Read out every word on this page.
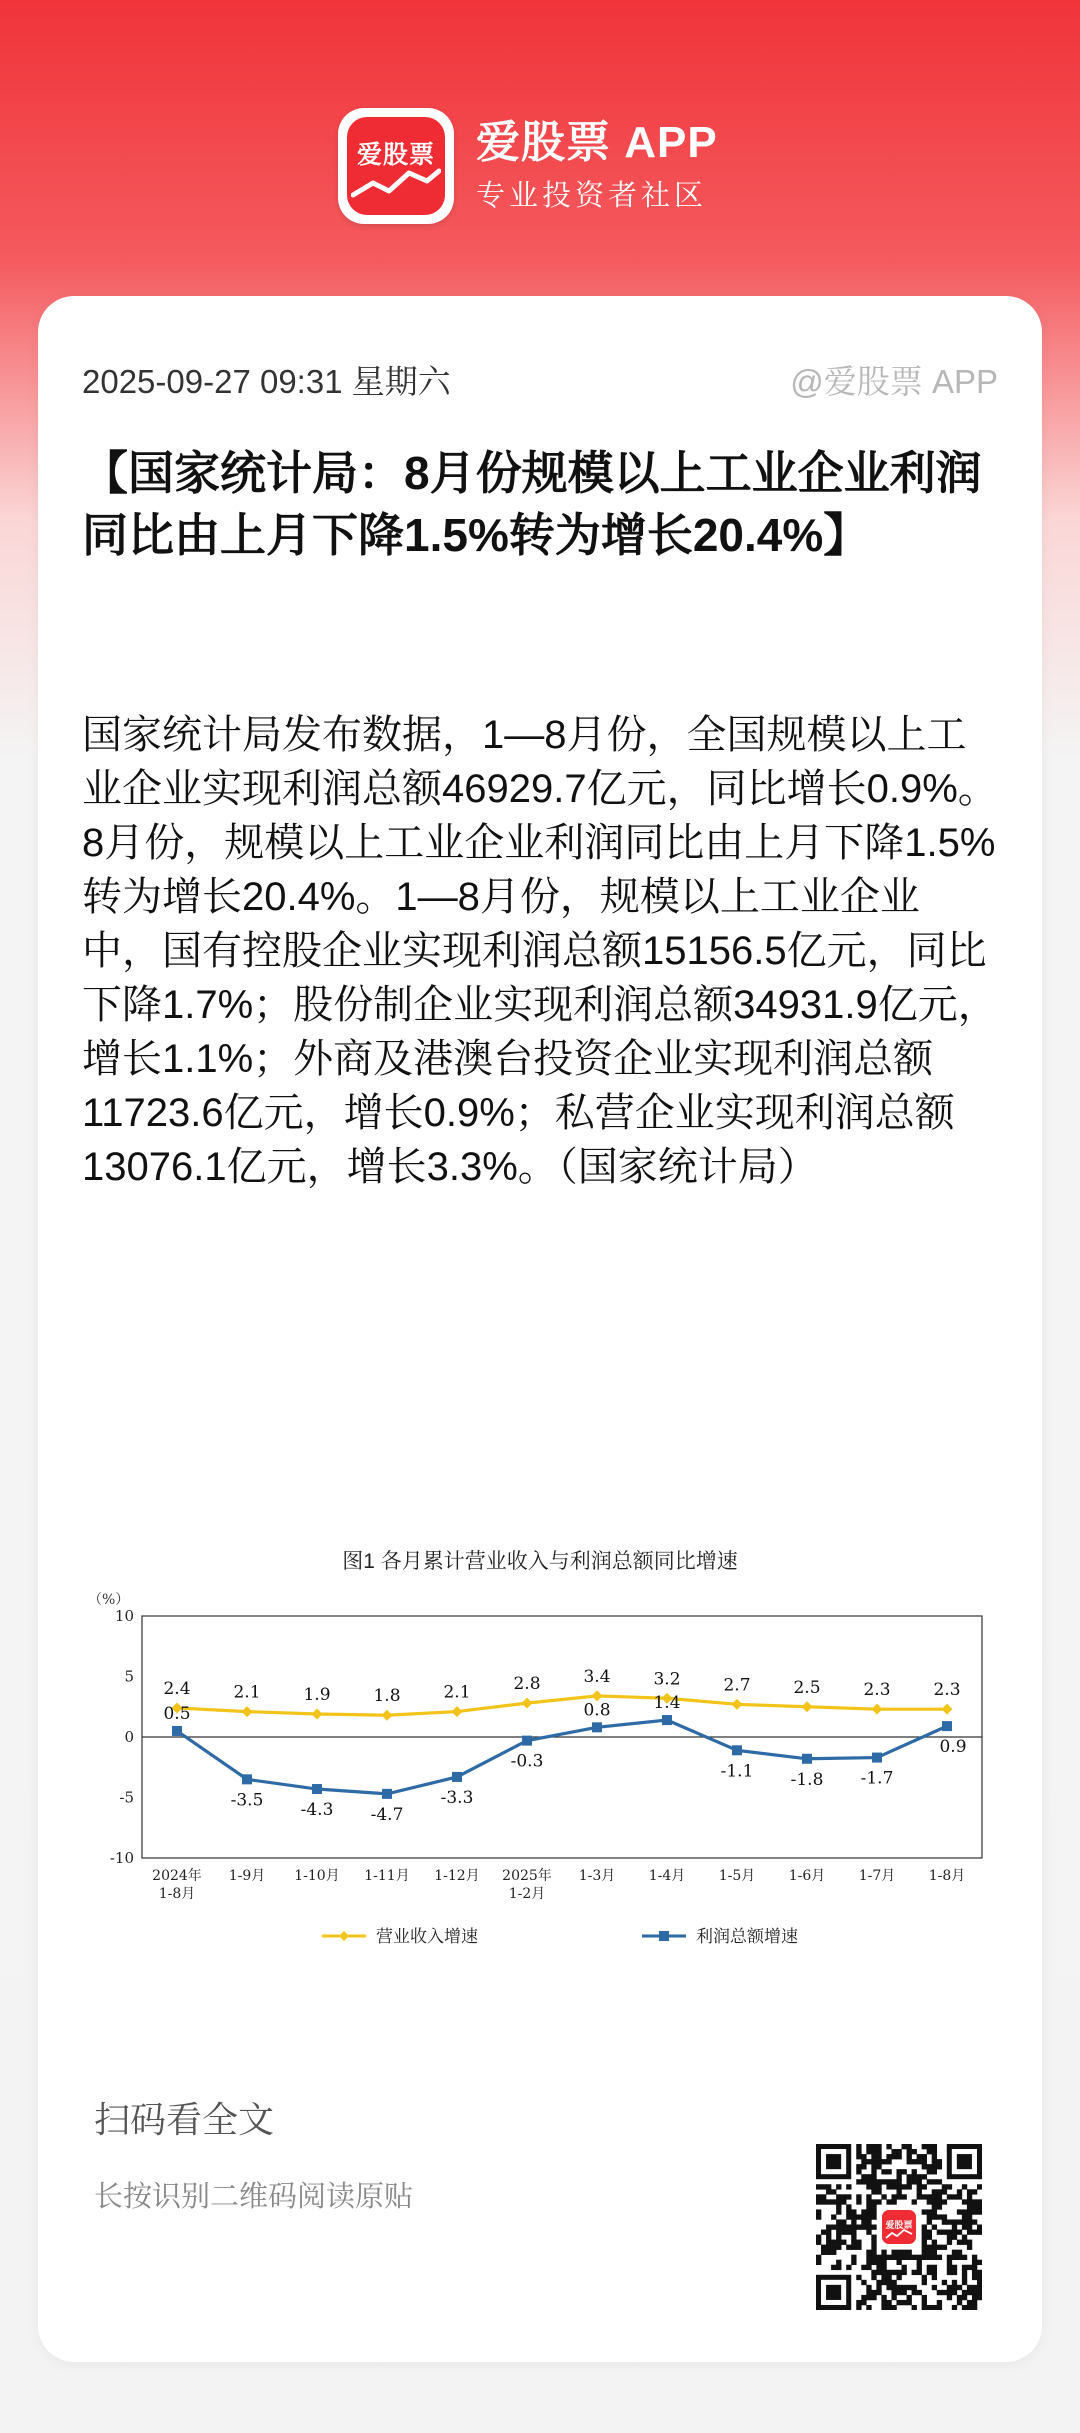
爱股票 爱股票 APP
专业投资者社区
2025-09-27 09:31 星期六	@爱股票 APP
【国家统计局：8月份规模以上工业企业利润同比由上月下降1.5%转为增长20.4%】

国家统计局发布数据，1—8月份，全国规模以上工业企业实现利润总额46929.7亿元，同比增长0.9%。8月份，规模以上工业企业利润同比由上月下降1.5%转为增长20.4%。1—8月份，规模以上工业企业中，国有控股企业实现利润总额15156.5亿元，同比下降1.7%；股份制企业实现利润总额34931.9亿元，增长1.1%；外商及港澳台投资企业实现利润总额11723.6亿元，增长0.9%；私营企业实现利润总额13076.1亿元，增长3.3%。（国家统计局）

图1 各月累计营业收入与利润总额同比增速
（%）
-10
-5
0
5
10
2024年 1-8月
1-9月 1-10月 1-11月 1-12月 2025年 1-2月
1-3月 1-4月 1-5月 1-6月 1-7月 1-8月
2.4	2.1	1.9	1.8	2.1	2.8	3.4	3.2	2.7	2.5	2.3	2.3
0.5
-3.5 -4.3 -4.7
-3.3
-0.3
0.8	1.4
-1.1 -1.8 -1.7
0.9
营业收入增速	利润总额增速
扫码看全文
长按识别二维码阅读原贴
爱股票
